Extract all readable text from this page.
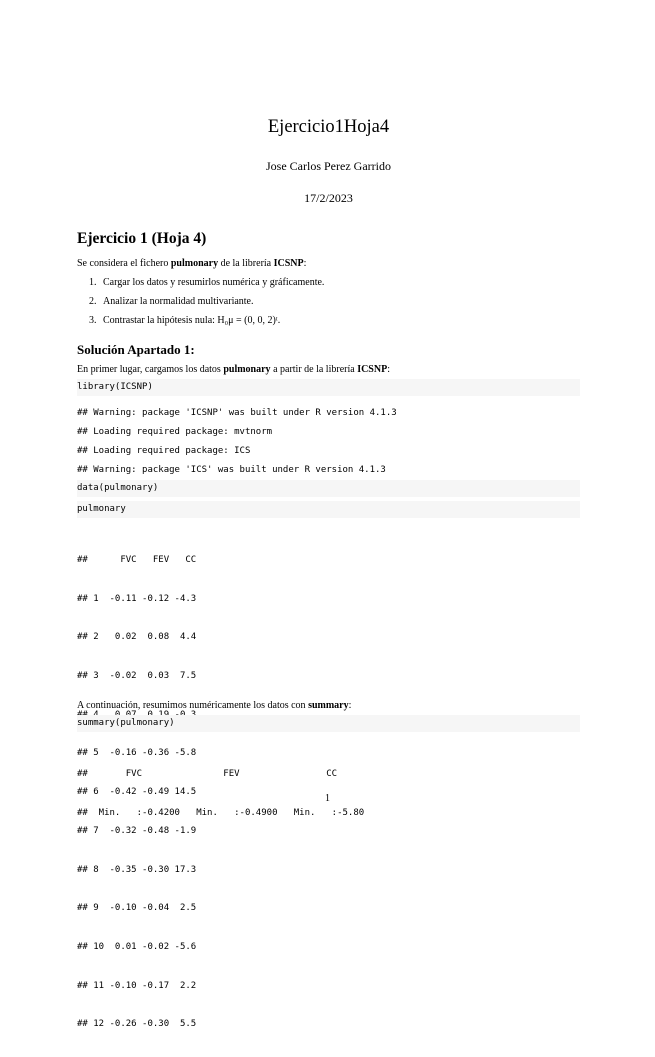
Ejercicio1Hoja4
Jose Carlos Perez Garrido
17/2/2023
Ejercicio 1 (Hoja 4)
Se considera el fichero pulmonary de la librería ICSNP:
1. Cargar los datos y resumirlos numérica y gráficamente.
2. Analizar la normalidad multivariante.
3. Contrastar la hipótesis nula: H₀μ = (0, 0, 2)ᵗ.
Solución Apartado 1:
En primer lugar, cargamos los datos pulmonary a partir de la librería ICSNP:
library(ICSNP)
## Warning: package 'ICSNP' was built under R version 4.1.3
## Loading required package: mvtnorm
## Loading required package: ICS
## Warning: package 'ICS' was built under R version 4.1.3
data(pulmonary)
pulmonary

##      FVC   FEV   CC

## 1  -0.11 -0.12 -4.3

## 2   0.02  0.08  4.4

## 3  -0.02  0.03  7.5

## 5  -0.16 -0.36 -5.8

## 6  -0.42 -0.49 14.5

## 7  -0.32 -0.48 -1.9

## 8  -0.35 -0.30 17.3

## 9  -0.10 -0.04  2.5

## 10  0.01 -0.02 -5.6

## 11 -0.10 -0.17  2.2

## 12 -0.26 -0.30  5.5

A continuación, resumimos numéricamente los datos con summary:
summary(pulmonary)

##       FVC               FEV                CC

##  Min.   :-0.4200   Min.   :-0.4900   Min.   :-5.80

1
